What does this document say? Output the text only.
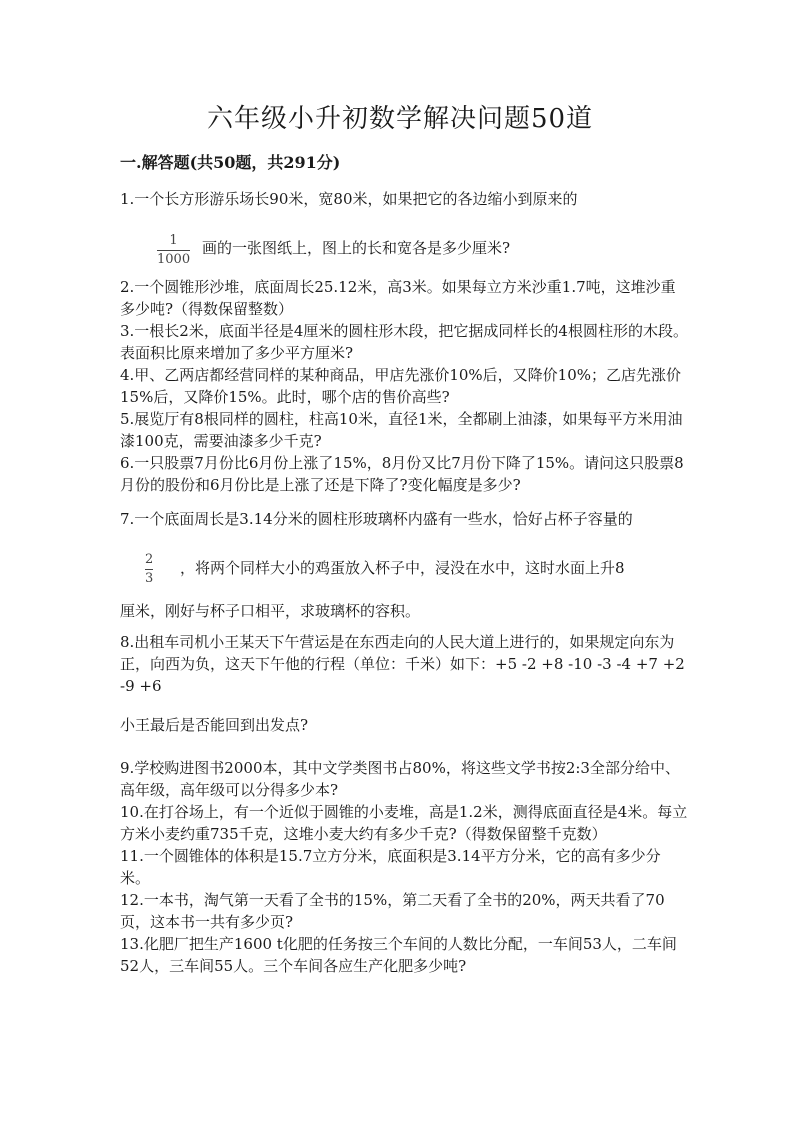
六年级小升初数学解决问题50道
一.解答题(共50题，共291分)
1.一个长方形游乐场长90米，宽80米，如果把它的各边缩小到原来的
1
1000
画的一张图纸上，图上的长和宽各是多少厘米?

2.一个圆锥形沙堆，底面周长25.12米，高3米。如果每立方米沙重1.7吨，这堆沙重多少吨?（得数保留整数）

3.一根长2米，底面半径是4厘米的圆柱形木段，把它据成同样长的4根圆柱形的木段。表面积比原来增加了多少平方厘米?

4.甲、乙两店都经营同样的某种商品，甲店先涨价10%后，又降价10%；乙店先涨价15%后，又降价15%。此时，哪个店的售价高些?

5.展览厅有8根同样的圆柱，柱高10米，直径1米，全都刷上油漆，如果每平方米用油漆100克，需要油漆多少千克?

6.一只股票7月份比6月份上涨了15%，8月份又比7月份下降了15%。请问这只股票8月份的股份和6月份比是上涨了还是下降了?变化幅度是多少?

7.一个底面周长是3.14分米的圆柱形玻璃杯内盛有一些水，恰好占杯子容量的
2
3
，将两个同样大小的鸡蛋放入杯子中，浸没在水中，这时水面上升8
厘米，刚好与杯子口相平，求玻璃杯的容积。
8.出租车司机小王某天下午营运是在东西走向的人民大道上进行的，如果规定向东为正，向西为负，这天下午他的行程（单位：千米）如下：+5 -2 +8 -10 -3 -4 +7 +2 -9 +6
小王最后是否能回到出发点?

9.学校购进图书2000本，其中文学类图书占80%，将这些文学书按2:3全部分给中、高年级，高年级可以分得多少本?

10.在打谷场上，有一个近似于圆锥的小麦堆，高是1.2米，测得底面直径是4米。每立方米小麦约重735千克，这堆小麦大约有多少千克?（得数保留整千克数）

11.一个圆锥体的体积是15.7立方分米，底面积是3.14平方分米，它的高有多少分米。

12.一本书，淘气第一天看了全书的15%，第二天看了全书的20%，两天共看了70页，这本书一共有多少页?

13.化肥厂把生产1600 t化肥的任务按三个车间的人数比分配，一车间53人，二车间52人，三车间55人。三个车间各应生产化肥多少吨?
